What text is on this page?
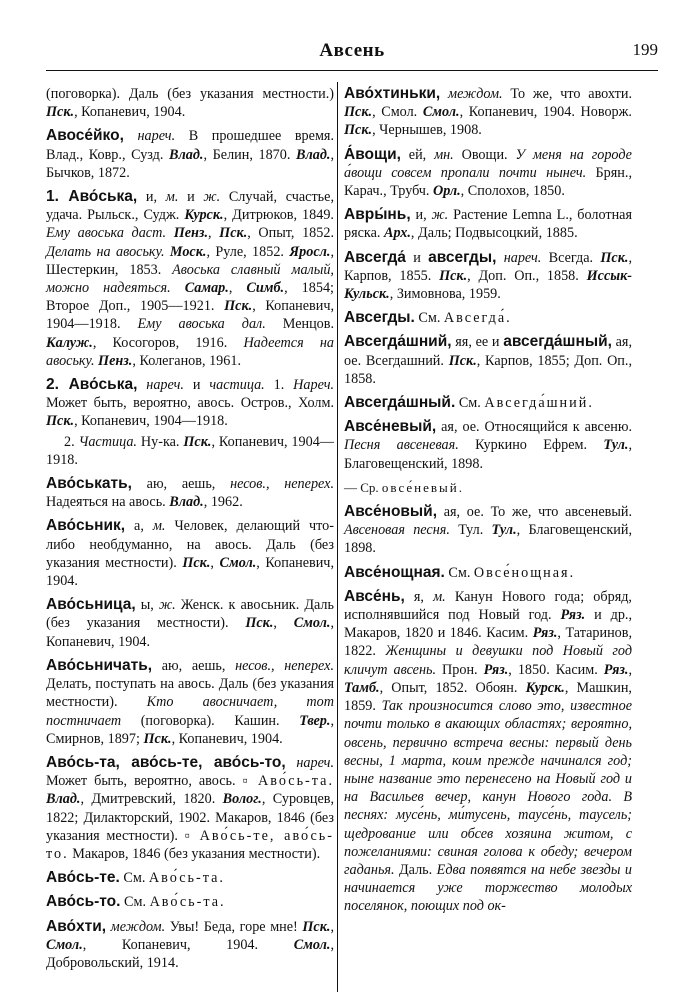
Авсень	199

(поговорка). Даль (без указания местности.) Пск., Копаневич, 1904.

Авосе́йко, нареч. В прошедшее время. Влад., Ковр., Сузд. Влад., Белин, 1870. Влад., Бычков, 1872.

1. Аво́ська, и, м. и ж. Случай, счастье, удача. Рыльск., Судж. Курск., Дитрюков, 1849. Ему авоська даст. Пенз., Пск., Опыт, 1852. Делать на авоську. Моск., Руле, 1852. Яросл., Шестеркин, 1853. Авоська славный малый, можно надеяться. Самар., Симб., 1854; Второе Доп., 1905—1921. Пск., Копаневич, 1904—1918. Ему авоська дал. Менцов. Калуж., Косогоров, 1916. Надеется на авоську. Пенз., Колеганов, 1961.

2. Аво́ська, нареч. и частица. 1. Нареч. Может быть, вероятно, авось. Остров., Холм. Пск., Копаневич, 1904—1918.

2. Частица. Ну-ка. Пск., Копаневич, 1904—1918.

Аво́ськать, аю, аешь, несов., неперех. Надеяться на авось. Влад., 1962.

Аво́сьник, а, м. Человек, делающий что-либо необдуманно, на авось. Даль (без указания местности). Пск., Смол., Копаневич, 1904.

Аво́сьница, ы, ж. Женск. к авосьник. Даль (без указания местности). Пск., Смол., Копаневич, 1904.

Аво́сьничать, аю, аешь, несов., неперех. Делать, поступать на авось. Даль (без указания местности). Кто авосничает, тот постничает (поговорка). Кашин. Твер., Смирнов, 1897; Пск., Копаневич, 1904.

Аво́сь-та, аво́сь-те, аво́сь-то, нареч. Может быть, вероятно, авось. ▫ Аво́сь-та. Влад., Дмитревский, 1820. Волог., Суровцев, 1822; Дилакторский, 1902. Макаров, 1846 (без указания местности). ▫ Аво́сь-те, аво́сь-то. Макаров, 1846 (без указания местности).

Аво́сь-те. См. Аво́сь-та.

Аво́сь-то. См. Аво́сь-та.

Аво́хти, междом. Увы! Беда, горе мне! Пск., Смол., Копаневич, 1904. Смол., Добровольский, 1914.

Аво́хтиньки, междом. То же, что авохти. Пск., Смол. Смол., Копаневич, 1904. Новорж. Пск., Чернышев, 1908.

А́вощи, ей, мн. Овощи. У меня на городе а́вощи совсем пропали почти нынеч. Брян., Карач., Трубч. Орл., Сполохов, 1850.

Авры́нь, и, ж. Растение Lemna L., болотная ряска. Арх., Даль; Подвысоцкий, 1885.

Авсегда́ и авсегды, нареч. Всегда. Пск., Карпов, 1855. Пск., Доп. Оп., 1858. Иссык-Кульск., Зимовнова, 1959.

Авсегды. См. Авсегда́.

Авсегда́шний, яя, ее и авсегда́шный, ая, ое. Всегдашний. Пск., Карпов, 1855; Доп. Оп., 1858.

Авсегда́шный. См. Авсегда́шний.

Авсе́невый, ая, ое. Относящийся к авсеню. Песня авсеневая. Куркино Ефрем. Тул., Благовещенский, 1898.

— Ср. овсе́невый.

Авсе́новый, ая, ое. То же, что авсеневый. Авсеновая песня. Тул. Тул., Благовещенский, 1898.

Авсе́нощная. См. Овсе́нощная.

Авсе́нь, я, м. Канун Нового года; обряд, исполнявшийся под Новый год. Ряз. и др., Макаров, 1820 и 1846. Касим. Ряз., Татаринов, 1822. Женщины и девушки под Новый год кличут авсень. Прон. Ряз., 1850. Касим. Ряз., Тамб., Опыт, 1852. Обоян. Курск., Машкин, 1859. Так произносится слово это, известное почти только в акающих областях; вероятно, овсень, первично встреча весны: первый день весны, 1 марта, коим прежде начинался год; ныне название это перенесено на Новый год и на Васильев вечер, канун Нового года. В песнях: мусе́нь, ми́тусень, таусе́нь, таусель; щедрование или обсев хозяина житом, с пожеланиями: свиная голова к обеду; вечером гаданья. Даль. Едва появятся на небе звезды и начинается уже торжество молодых поселянок, поющих под ок-
